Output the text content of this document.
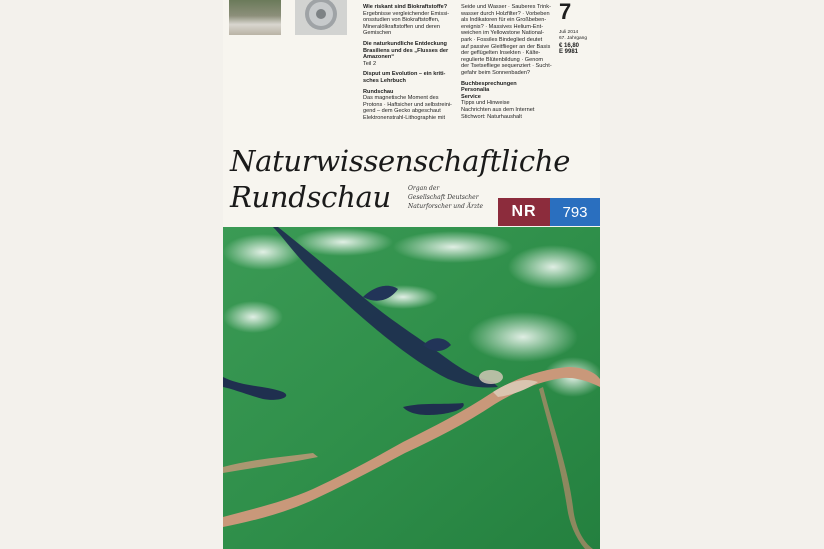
Wie riskant sind Biokraftstoffe?
Ergebnisse vergleichender Emissi-
onsstudien von Biokraftstoffen,
Mineralölkraftstoffen und deren
Gemischen
Die naturkundliche Entdeckung
Brasiliens und des „Flusses der
Amazonen“
Teil 2
Disput um Evolution – ein kriti-
sches Lehrbuch
Rundschau
Das magnetische Moment des
Protons · Haftsicher und selbstreini-
gend – dem Gecko abgeschaut
Elektronenstrahl-Lithographie mit
Seide und Wasser · Sauberes Trink-
wasser durch Holzfilter? · Vorbeben
als Indikatoren für ein Großbeben-
ereignis? · Massives Helium-Ent-
weichen im Yellowstone National-
park · Fossiles Bindeglied deutet
auf passive Gleitflieger an der Basis
der geflügelten Insekten · Kälte-
regulierte Blütenbildung · Genom
der Tsetsefliege sequenziert · Sucht-
gefahr beim Sonnenbaden?
Buchbesprechungen
Personalia
Service
Tipps und Hinweise
Nachrichten aus dem Internet
Stichwort: Naturhaushalt
7
Juli 2014
67. Jahrgang
€ 16,80
E 9981
Naturwissenschaftliche
Rundschau	Organ der
Gesellschaft Deutscher
Naturforscher und Ärzte	NR	793
